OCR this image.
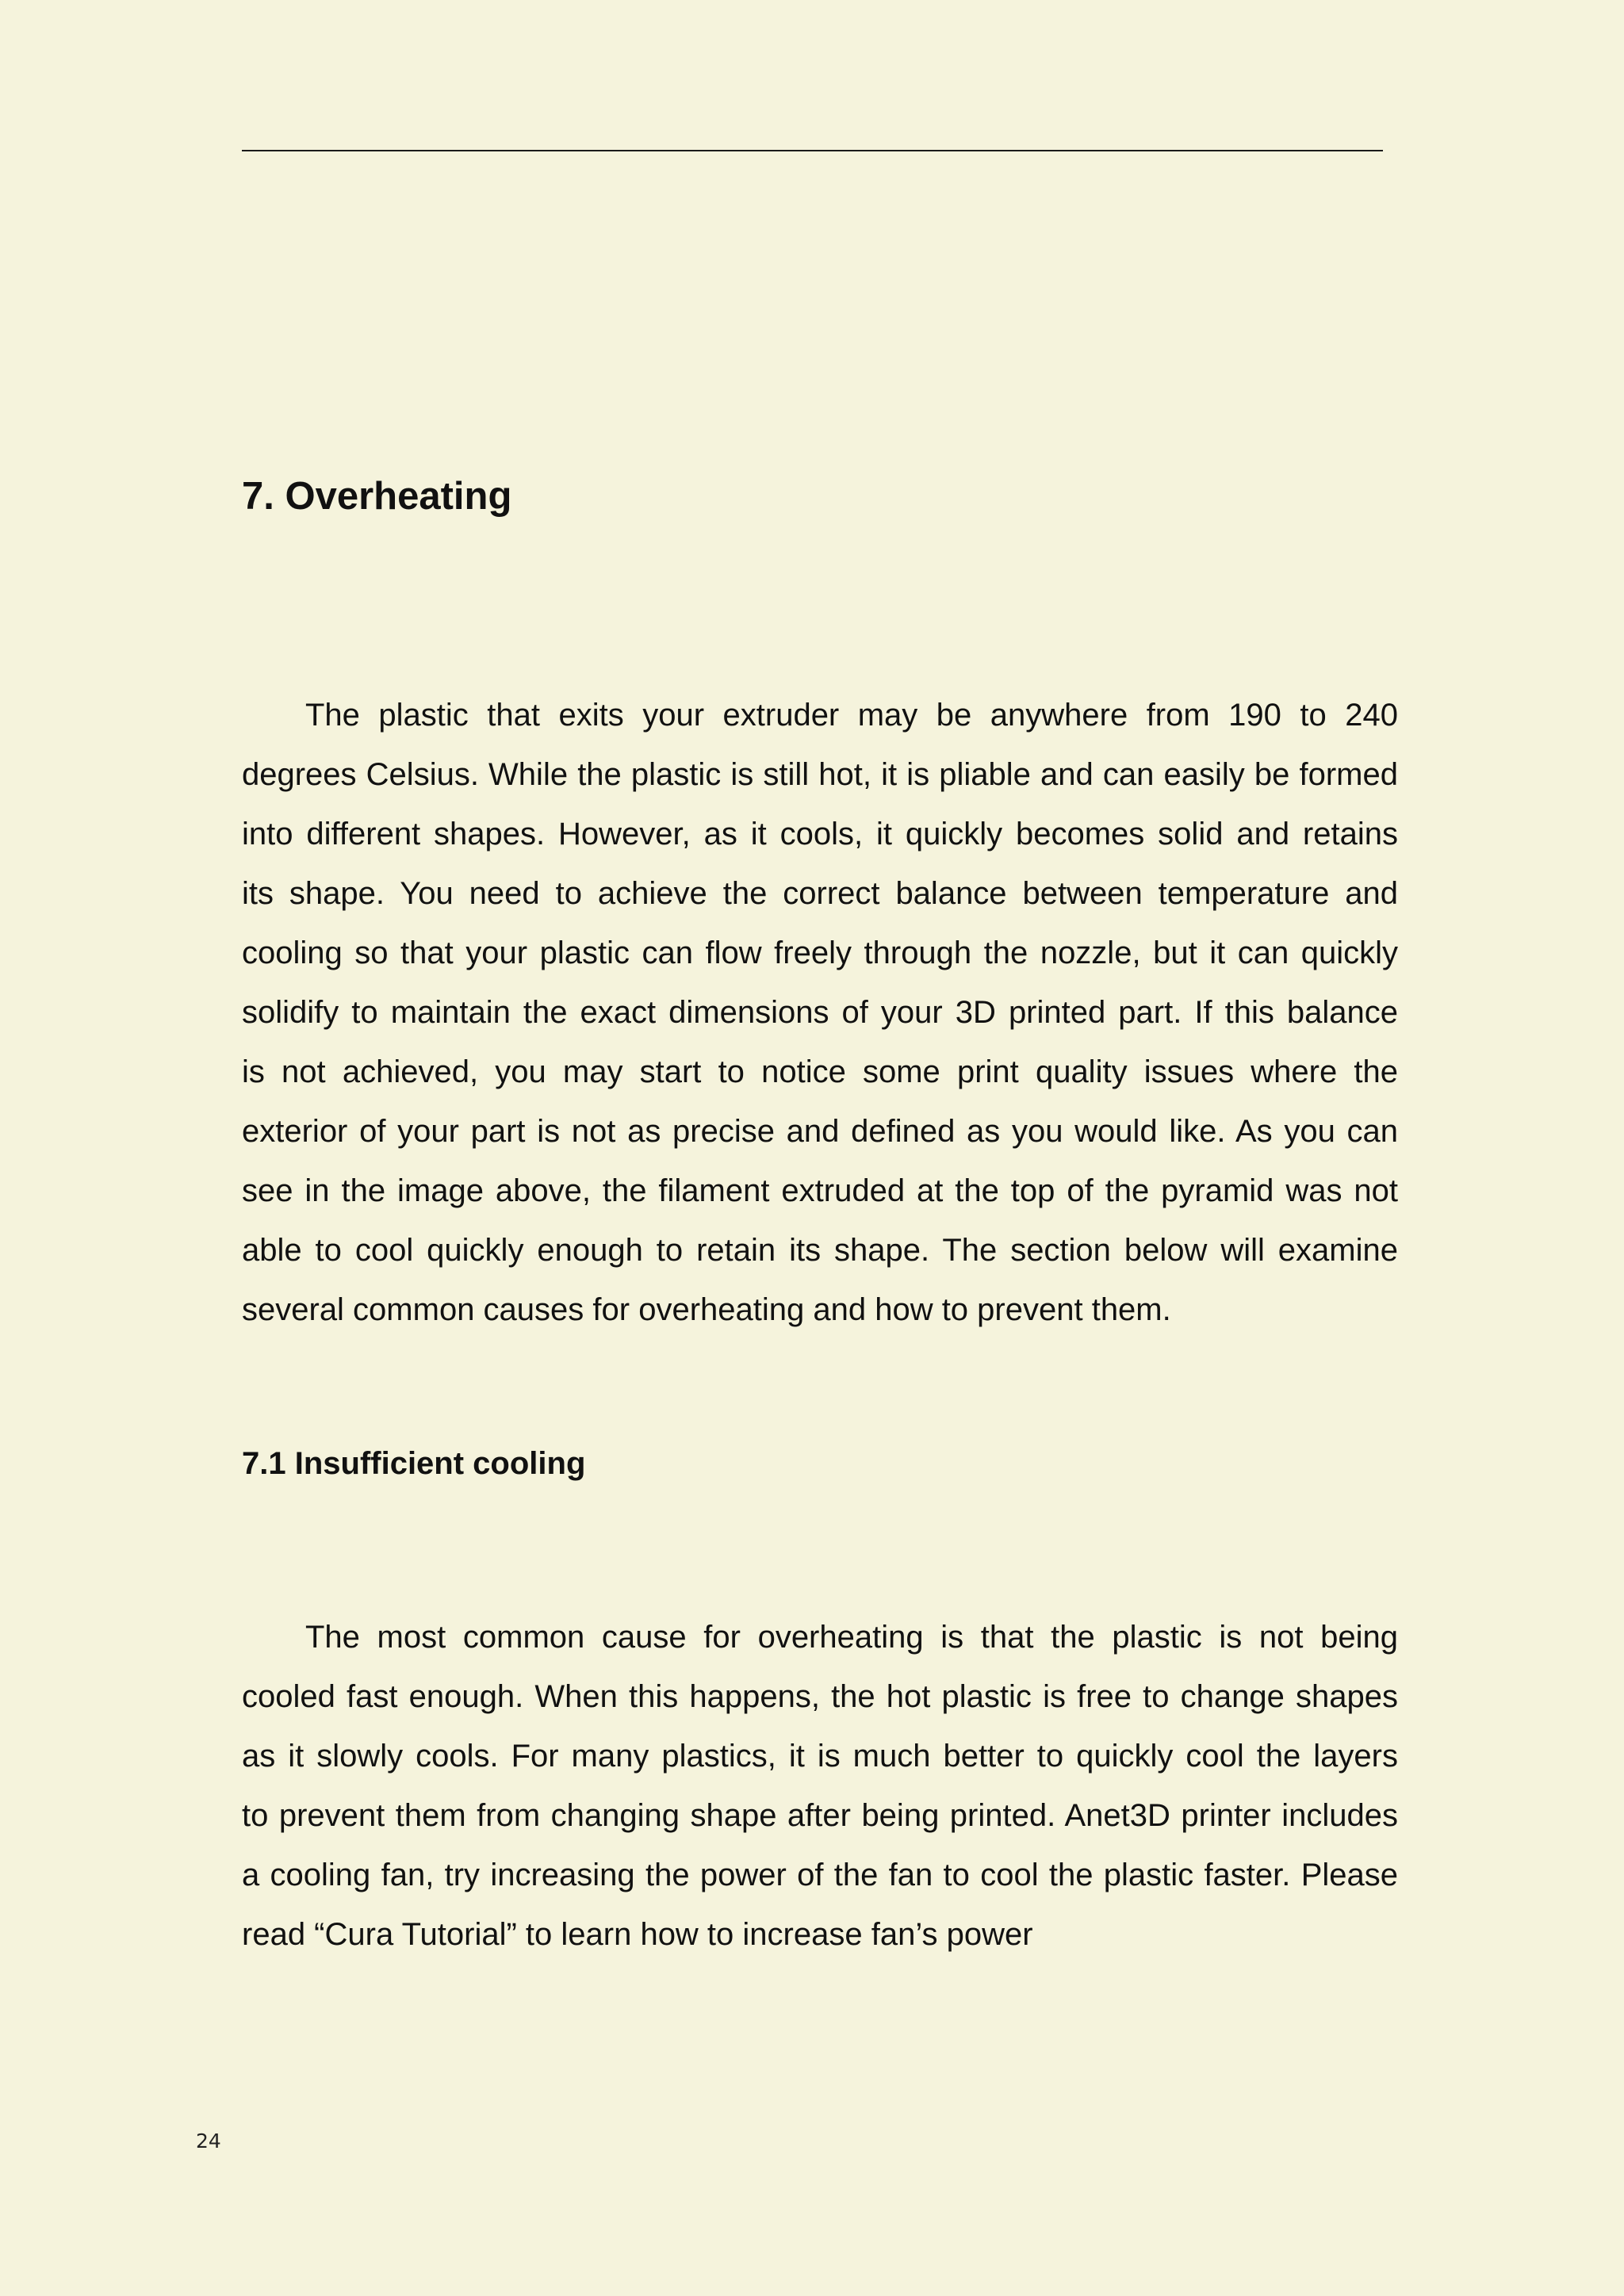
7. Overheating
The plastic that exits your extruder may be anywhere from 190 to 240
degrees Celsius. While the plastic is still hot, it is pliable and can easily be formed
into different shapes. However, as it cools, it quickly becomes solid and retains
its shape. You need to achieve the correct balance between temperature and
cooling so that your plastic can flow freely through the nozzle, but it can quickly
solidify to maintain the exact dimensions of your 3D printed part. If this balance
is not achieved, you may start to notice some print quality issues where the
exterior of your part is not as precise and defined as you would like. As you can
see in the image above, the filament extruded at the top of the pyramid was not
able to cool quickly enough to retain its shape. The section below will examine
several common causes for overheating and how to prevent them.
7.1 Insufficient cooling
The most common cause for overheating is that the plastic is not being
cooled fast enough. When this happens, the hot plastic is free to change shapes
as it slowly cools. For many plastics, it is much better to quickly cool the layers
to prevent them from changing shape after being printed. Anet3D printer includes
a cooling fan, try increasing the power of the fan to cool the plastic faster. Please
read “Cura Tutorial” to learn how to increase fan’s power
24
